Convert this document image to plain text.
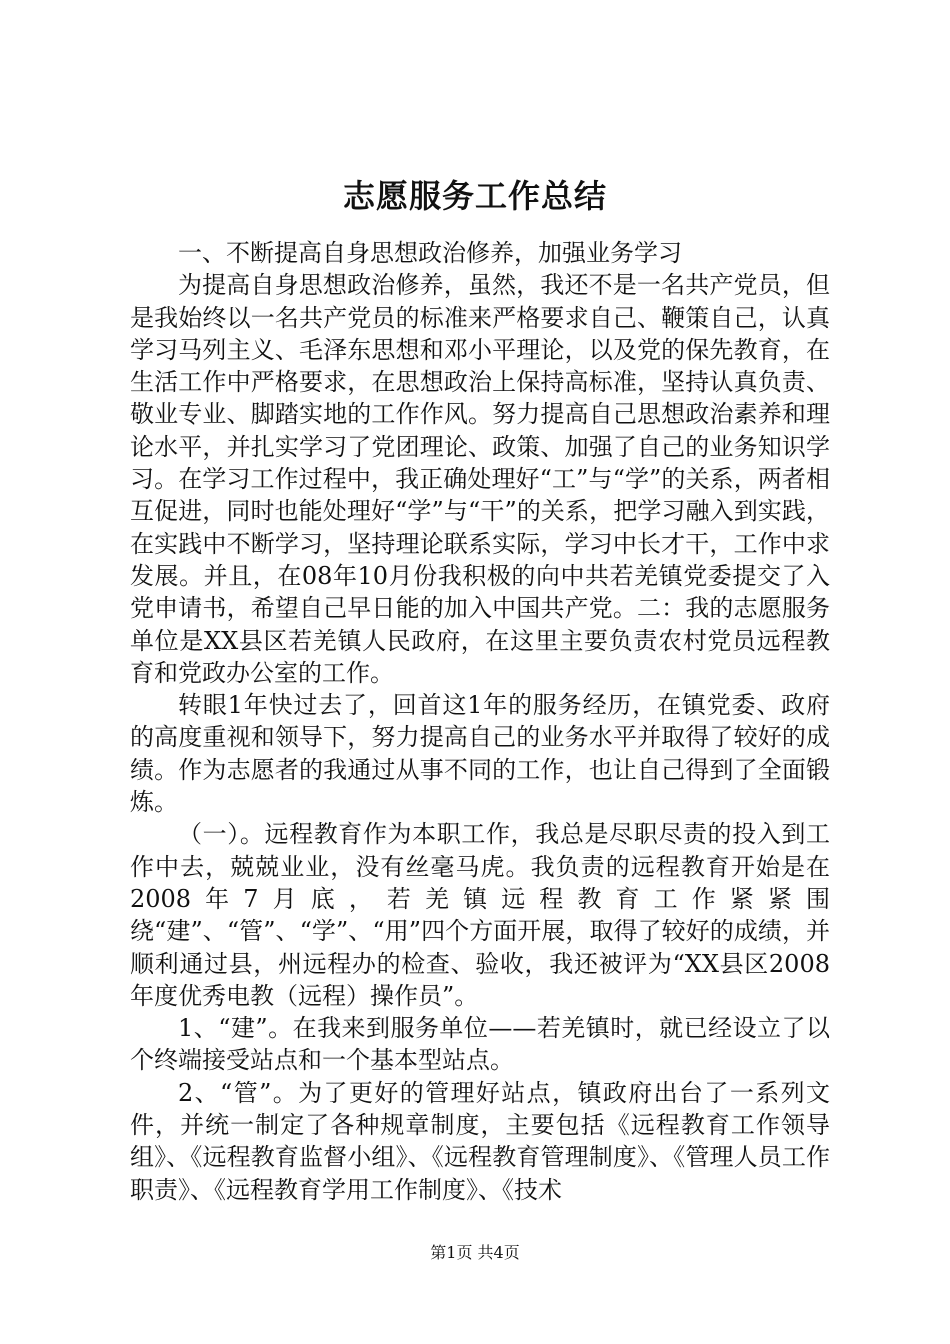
志愿服务工作总结

一、不断提高自身思想政治修养，加强业务学习

为提高自身思想政治修养，虽然，我还不是一名共产党员，但是我始终以一名共产党员的标准来严格要求自己、鞭策自己，认真学习马列主义、毛泽东思想和邓小平理论，以及党的保先教育，在生活工作中严格要求，在思想政治上保持高标准，坚持认真负责、敬业专业、脚踏实地的工作作风。努力提高自己思想政治素养和理论水平，并扎实学习了党团理论、政策、加强了自己的业务知识学习。在学习工作过程中，我正确处理好“工”与“学”的关系，两者相互促进，同时也能处理好“学”与“干”的关系，把学习融入到实践，在实践中不断学习，坚持理论联系实际，学习中长才干，工作中求发展。并且，在08年10月份我积极的向中共若羌镇党委提交了入党申请书，希望自己早日能的加入中国共产党。二：我的志愿服务单位是XX县区若羌镇人民政府，在这里主要负责农村党员远程教育和党政办公室的工作。

转眼1年快过去了，回首这1年的服务经历，在镇党委、政府的高度重视和领导下，努力提高自己的业务水平并取得了较好的成绩。作为志愿者的我通过从事不同的工作，也让自己得到了全面锻炼。

（一）。远程教育作为本职工作，我总是尽职尽责的投入到工作中去，兢兢业业，没有丝毫马虎。我负责的远程教育开始是在2008年7月底，若羌镇远程教育工作紧紧围绕“建”、“管”、“学”、“用”四个方面开展，取得了较好的成绩，并顺利通过县，州远程办的检查、验收，我还被评为“XX县区2008年度优秀电教（远程）操作员”。

1、“建”。在我来到服务单位——若羌镇时，就已经设立了以个终端接受站点和一个基本型站点。

2、“管”。为了更好的管理好站点，镇政府出台了一系列文件，并统一制定了各种规章制度，主要包括《远程教育工作领导组》、《远程教育监督小组》、《远程教育管理制度》、《管理人员工作职责》、《远程教育学用工作制度》、《技术

第1页 共4页
